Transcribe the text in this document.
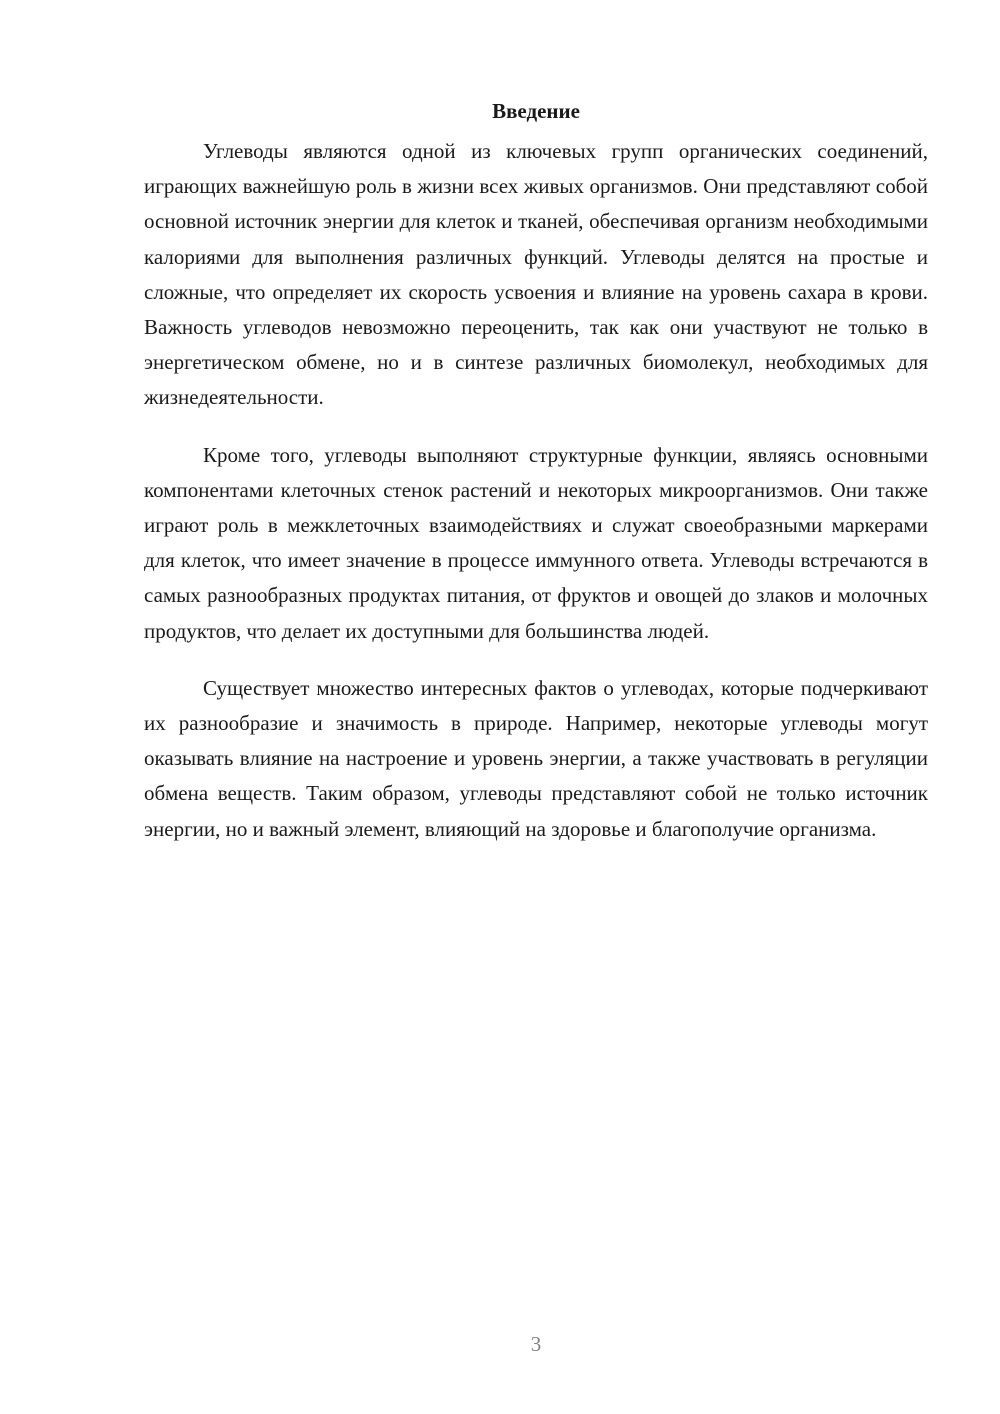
Введение

Углеводы являются одной из ключевых групп органических соединений, играющих важнейшую роль в жизни всех живых организмов. Они представляют собой основной источник энергии для клеток и тканей, обеспечивая организм необходимыми калориями для выполнения различных функций. Углеводы делятся на простые и сложные, что определяет их скорость усвоения и влияние на уровень сахара в крови. Важность углеводов невозможно переоценить, так как они участвуют не только в энергетическом обмене, но и в синтезе различных биомолекул, необходимых для жизнедеятельности.

Кроме того, углеводы выполняют структурные функции, являясь основными компонентами клеточных стенок растений и некоторых микроорганизмов. Они также играют роль в межклеточных взаимодействиях и служат своеобразными маркерами для клеток, что имеет значение в процессе иммунного ответа. Углеводы встречаются в самых разнообразных продуктах питания, от фруктов и овощей до злаков и молочных продуктов, что делает их доступными для большинства людей.

Существует множество интересных фактов о углеводах, которые подчеркивают их разнообразие и значимость в природе. Например, некоторые углеводы могут оказывать влияние на настроение и уровень энергии, а также участвовать в регуляции обмена веществ. Таким образом, углеводы представляют собой не только источник энергии, но и важный элемент, влияющий на здоровье и благополучие организма.

3
